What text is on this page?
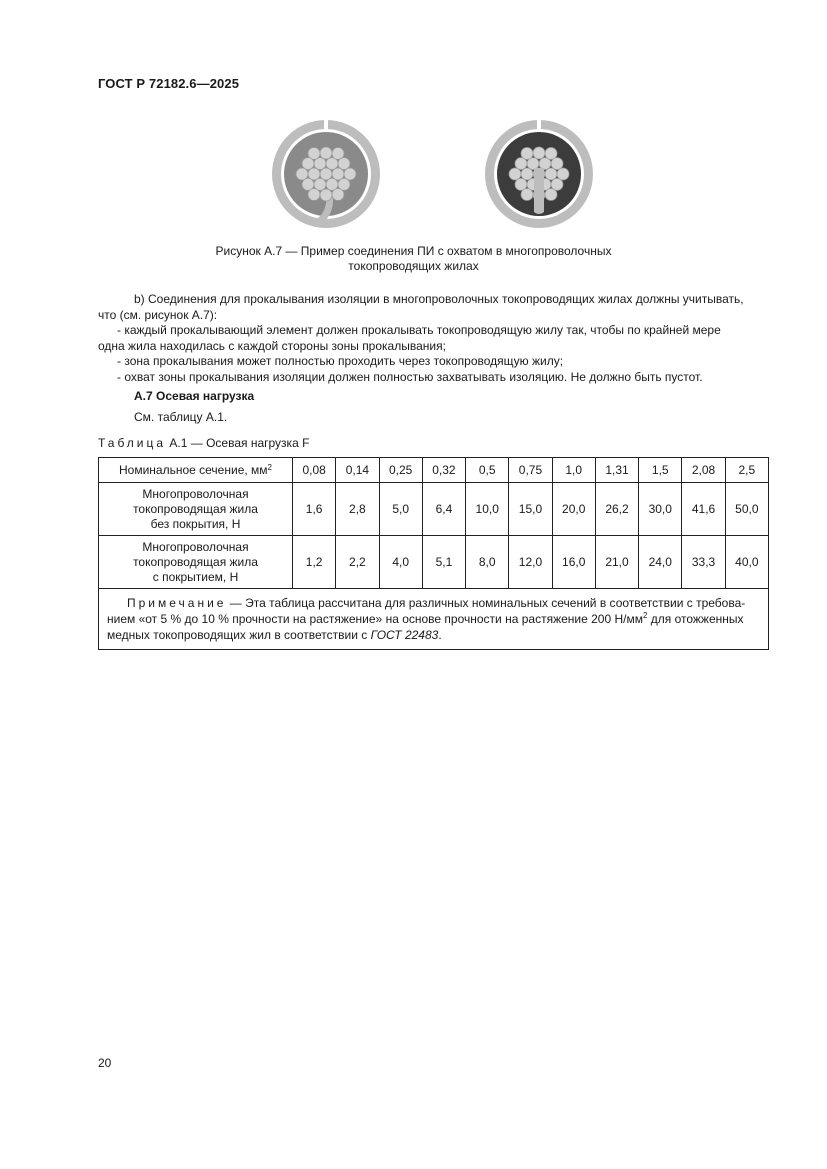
ГОСТ Р 72182.6—2025
Рисунок А.7 — Пример соединения ПИ с охватом в многопроволочных
токопроводящих жилах
b) Соединения для прокалывания изоляции в многопроволочных токопроводящих жилах должны учитывать,
что (см. рисунок А.7):
- каждый прокалывающий элемент должен прокалывать токопроводящую жилу так, чтобы по крайней мере
одна жила находилась с каждой стороны зоны прокалывания;
- зона прокалывания может полностью проходить через токопроводящую жилу;
- охват зоны прокалывания изоляции должен полностью захватывать изоляцию. Не должно быть пустот.
А.7 Осевая нагрузка
См. таблицу А.1.
Таблица А.1 — Осевая нагрузка F
Номинальное сечение, $мм^2$	0,08	0,14	0,25	0,32	0,5	0,75	1,0	1,31	1,5	2,08	2,5

Многопроволочная
токопроводящая жила
без покрытия, Н	1,6	2,8	5,0	6,4	10,0	15,0	20,0	26,2	30,0	41,6	50,0

Многопроволочная
токопроводящая жила
с покрытием, Н	1,2	2,2	4,0	5,1	8,0	12,0	16,0	21,0	24,0	33,3	40,0

Примечание — Эта таблица рассчитана для различных номинальных сечений в соответствии с требованием «от 5 % до 10 % прочности на растяжение» на основе прочности на растяжение 200 $Н/мм^2$ для отожженных медных токопроводящих жил в соответствии с ГОСТ 22483.											
20
